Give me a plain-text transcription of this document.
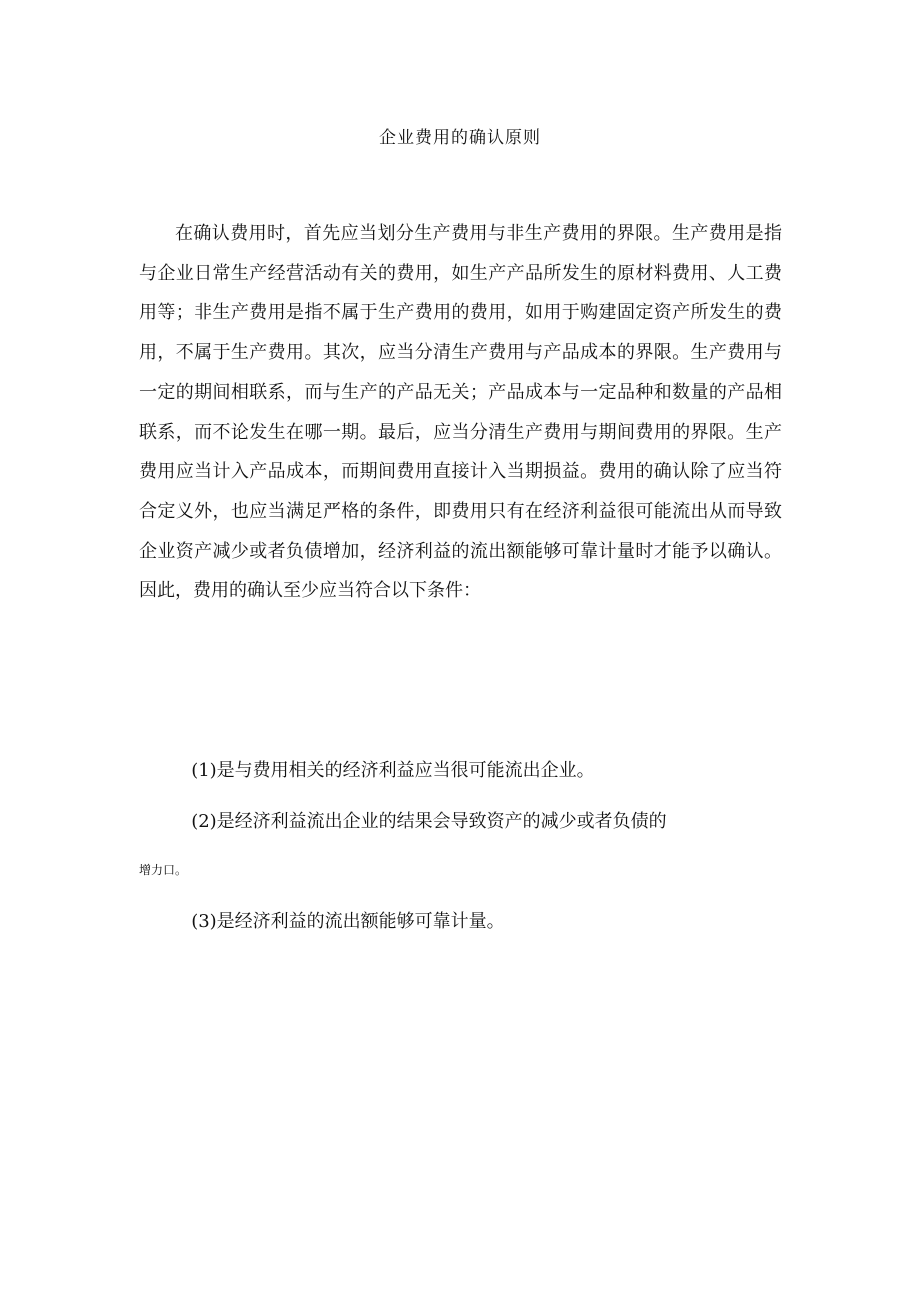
企业费用的确认原则

在确认费用时，首先应当划分生产费用与非生产费用的界限。生产费用是指与企业日常生产经营活动有关的费用，如生产产品所发生的原材料费用、人工费用等；非生产费用是指不属于生产费用的费用，如用于购建固定资产所发生的费用，不属于生产费用。其次，应当分清生产费用与产品成本的界限。生产费用与一定的期间相联系，而与生产的产品无关；产品成本与一定品种和数量的产品相联系，而不论发生在哪一期。最后，应当分清生产费用与期间费用的界限。生产费用应当计入产品成本，而期间费用直接计入当期损益。费用的确认除了应当符合定义外，也应当满足严格的条件，即费用只有在经济利益很可能流出从而导致企业资产减少或者负债增加，经济利益的流出额能够可靠计量时才能予以确认。因此，费用的确认至少应当符合以下条件：

(1)是与费用相关的经济利益应当很可能流出企业。

(2)是经济利益流出企业的结果会导致资产的减少或者负债的

增力口。

(3)是经济利益的流出额能够可靠计量。
